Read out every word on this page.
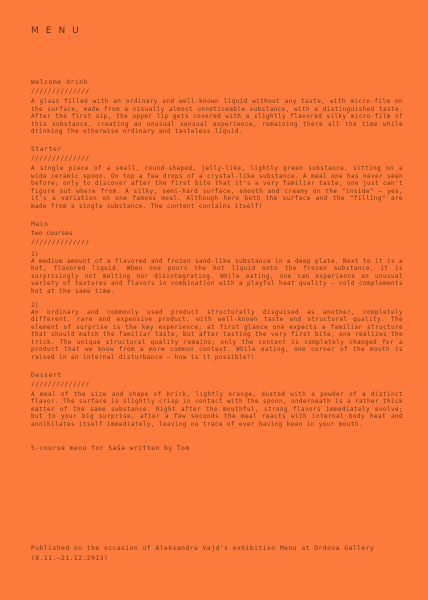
MENU
Welcome drink
//////////////

A glass filled with an ordinary and well-known liquid without any taste, with micro-film on the surface, made from a visually almost unnoticeable substance, with a distinguished taste. After the first sip, the upper lip gets covered with a slightly flavored silky micro-film of this substance, creating an unusual sensual experience, remaining there all the time while drinking the otherwise ordinary and tasteless liquid.

Starter
//////////////

A single piece of a small, round-shaped, jelly-like, lightly green substance, sitting on a wide ceramic spoon. On top a few drops of a crystal-like substance. A meal one has never seen before; only to discover after the first bite that it's a very familiar taste, one just can't figure out where from. A silky, semi-hard surface, smooth and creamy on the "inside" – yes, it's a variation on one famous meal. Although here both the surface and the "filling" are made from a single substance. The content contains itself!

Main
two courses
//////////////
1)

A medium amount of a flavored and frozen sand-like substance in a deep plate. Next to it is a hot, flavored liquid. When one pours the hot liquid onto the frozen substance, it is surprisingly not melting nor disintegrating. While eating, one can experience an unusual variety of textures and flavors in combination with a playful heat quality – cold complements hot at the same time.

2)

An ordinary and commonly used product structurally disguised as another, completely different, rare and expensive product, with well-known taste and structural quality. The element of surprise is the key experience; at first glance one expects a familiar structure that should match the familiar taste, but after tasting the very first bite, one realizes the trick. The unique structural quality remains; only the content is completely changed for a product that we know from a more common context. While eating, one corner of the mouth is raised in an internal disturbance – how is it possible?!

Dessert
//////////////

A meal of the size and shape of brick, lightly orange, dusted with a powder of a distinct flavor. The surface is slightly crisp in contact with the spoon, underneath is a rather thick matter of the same substance. Right after the mouthful, strong flavors immediately evolve; but to your big surprise, after a few seconds the meal reacts with internal body heat and annihilates itself immediately, leaving no trace of ever having been in your mouth.

5-course menu for Saša written by Tom
Published on the occasion of Aleksandra Vajd's exhibition Menu at Drdova Gallery
(8.11.–21.12.2013)
